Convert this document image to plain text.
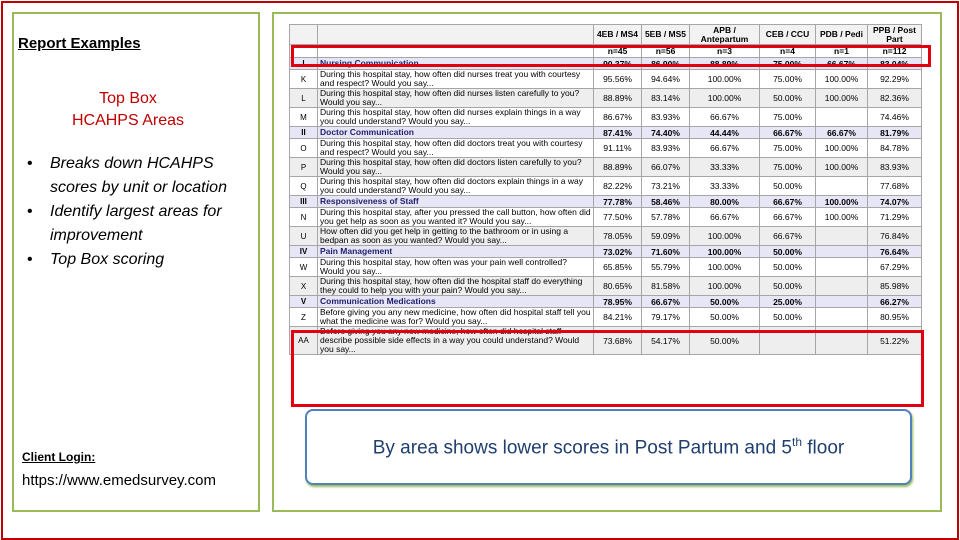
Report Examples
Top Box
HCAHPS Areas
• Breaks down HCAHPS scores by unit or location
• Identify largest areas for improvement
• Top Box scoring
Client Login:
https://www.emedsurvey.com
		4EB / MS4	5EB / MS5	APB / Antepartum	CEB / CCU	PDB / Pedi	PPB / Post Part
		n=45	n=56	n=3	n=4	n=1	n=112
I	Nursing Communication	90.37%	86.90%	88.89%	75.00%	66.67%	83.04%
K	During this hospital stay, how often did nurses treat you with courtesy and respect? Would you say...	95.56%	94.64%	100.00%	75.00%	100.00%	92.29%
L	During this hospital stay, how often did nurses listen carefully to you? Would you say...	88.89%	83.14%	100.00%	50.00%	100.00%	82.36%
M	During this hospital stay, how often did nurses explain things in a way you could understand? Would you say...	86.67%	83.93%	66.67%	75.00%		74.46%
II	Doctor Communication	87.41%	74.40%	44.44%	66.67%	66.67%	81.79%
O	During this hospital stay, how often did doctors treat you with courtesy and respect? Would you say...	91.11%	83.93%	66.67%	75.00%	100.00%	84.78%
P	During this hospital stay, how often did doctors listen carefully to you? Would you say...	88.89%	66.07%	33.33%	75.00%	100.00%	83.93%
Q	During this hospital stay, how often did doctors explain things in a way you could understand? Would you say...	82.22%	73.21%	33.33%	50.00%		77.68%
III	Responsiveness of Staff	77.78%	58.46%	80.00%	66.67%	100.00%	74.07%
N	During this hospital stay, after you pressed the call button, how often did you get help as soon as you wanted it? Would you say...	77.50%	57.78%	66.67%	66.67%	100.00%	71.29%
U	How often did you get help in getting to the bathroom or in using a bedpan as soon as you wanted? Would you say...	78.05%	59.09%	100.00%	66.67%		76.84%
IV	Pain Management	73.02%	71.60%	100.00%	50.00%		76.64%
W	During this hospital stay, how often was your pain well controlled? Would you say...	65.85%	55.79%	100.00%	50.00%		67.29%
X	During this hospital stay, how often did the hospital staff do everything they could to help you with your pain? Would you say...	80.65%	81.58%	100.00%	50.00%		85.98%
V	Communication Medications	78.95%	66.67%	50.00%	25.00%		66.27%
Z	Before giving you any new medicine, how often did hospital staff tell you what the medicine was for? Would you say...	84.21%	79.17%	50.00%	50.00%		80.95%
AA	Before giving you any new medicine, how often did hospital staff describe possible side effects in a way you could understand? Would you say...	73.68%	54.17%	50.00%			51.22%
By area shows lower scores in Post Partum and 5th floor
